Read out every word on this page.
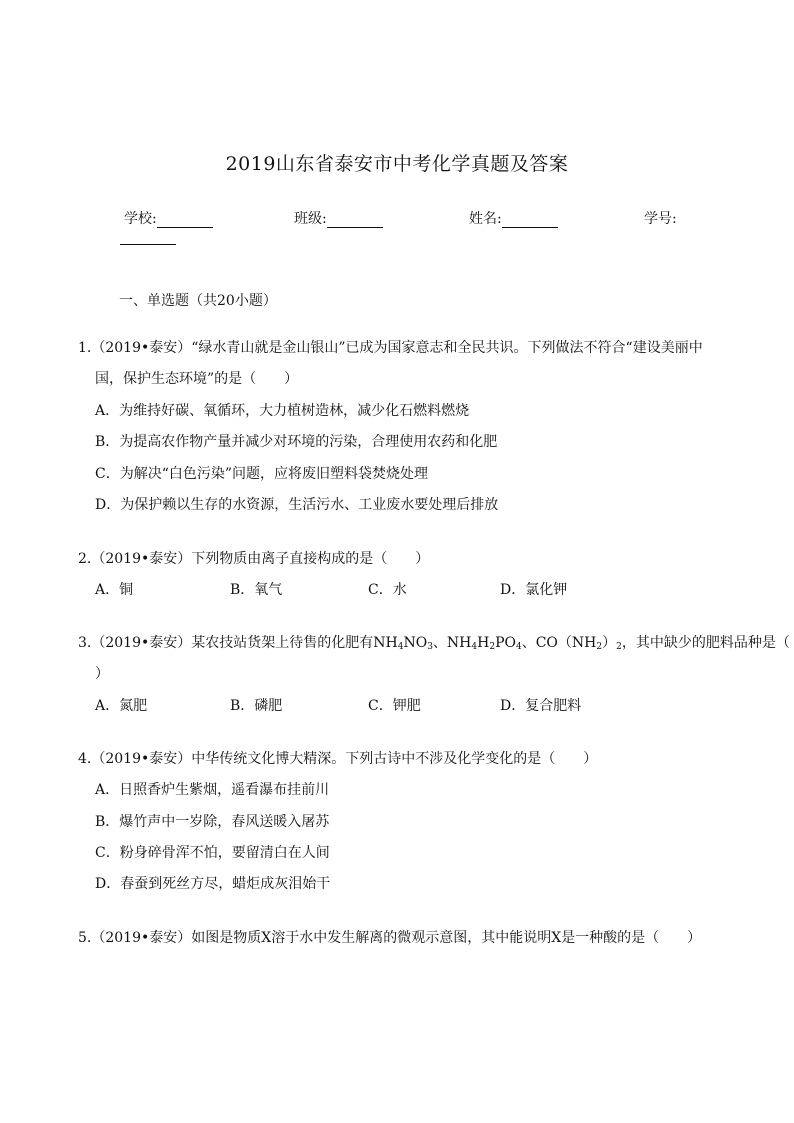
2019山东省泰安市中考化学真题及答案
学校:	班级:	姓名:	学号:
一、单选题（共20小题）
1.（2019•泰安）“绿水青山就是金山银山”已成为国家意志和全民共识。下列做法不符合“建设美丽中
国，保护生态环境”的是（　　）
A．为维持好碳、氧循环，大力植树造林，减少化石燃料燃烧
B．为提高农作物产量并减少对环境的污染，合理使用农药和化肥
C．为解决“白色污染”问题，应将废旧塑料袋焚烧处理
D．为保护赖以生存的水资源，生活污水、工业废水要处理后排放
2.（2019•泰安）下列物质由离子直接构成的是（　　）
A．铜	B．氧气	C．水	D．氯化钾
3.（2019•泰安）某农技站货架上待售的化肥有$NH_4NO_3$、$NH_4H_2PO_4$、$CO(NH_2)_2$，其中缺少的肥料品种是（
）
A．氮肥	B．磷肥	C．钾肥	D．复合肥料
4.（2019•泰安）中华传统文化博大精深。下列古诗中不涉及化学变化的是（　　）
A．日照香炉生紫烟，遥看瀑布挂前川
B．爆竹声中一岁除，春风送暖入屠苏
C．粉身碎骨浑不怕，要留清白在人间
D．春蚕到死丝方尽，蜡炬成灰泪始干
5.（2019•泰安）如图是物质X溶于水中发生解离的微观示意图，其中能说明X是一种酸的是（　　）
